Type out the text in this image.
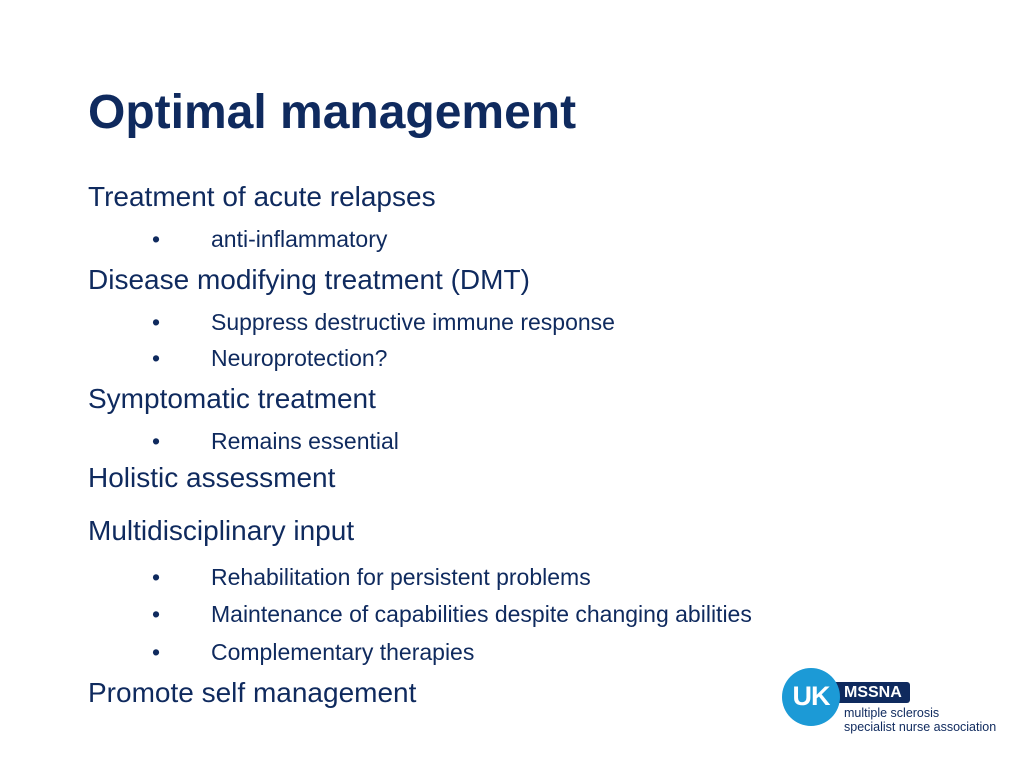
Optimal management
Treatment of acute relapses
• anti-inflammatory
Disease modifying treatment (DMT)
• Suppress destructive immune response
• Neuroprotection?
Symptomatic treatment
• Remains essential
Holistic assessment
Multidisciplinary input
• Rehabilitation for persistent problems
• Maintenance of capabilities despite changing abilities
• Complementary therapies
Promote self management	MSSNA
UK
multiple sclerosis
specialist nurse association
